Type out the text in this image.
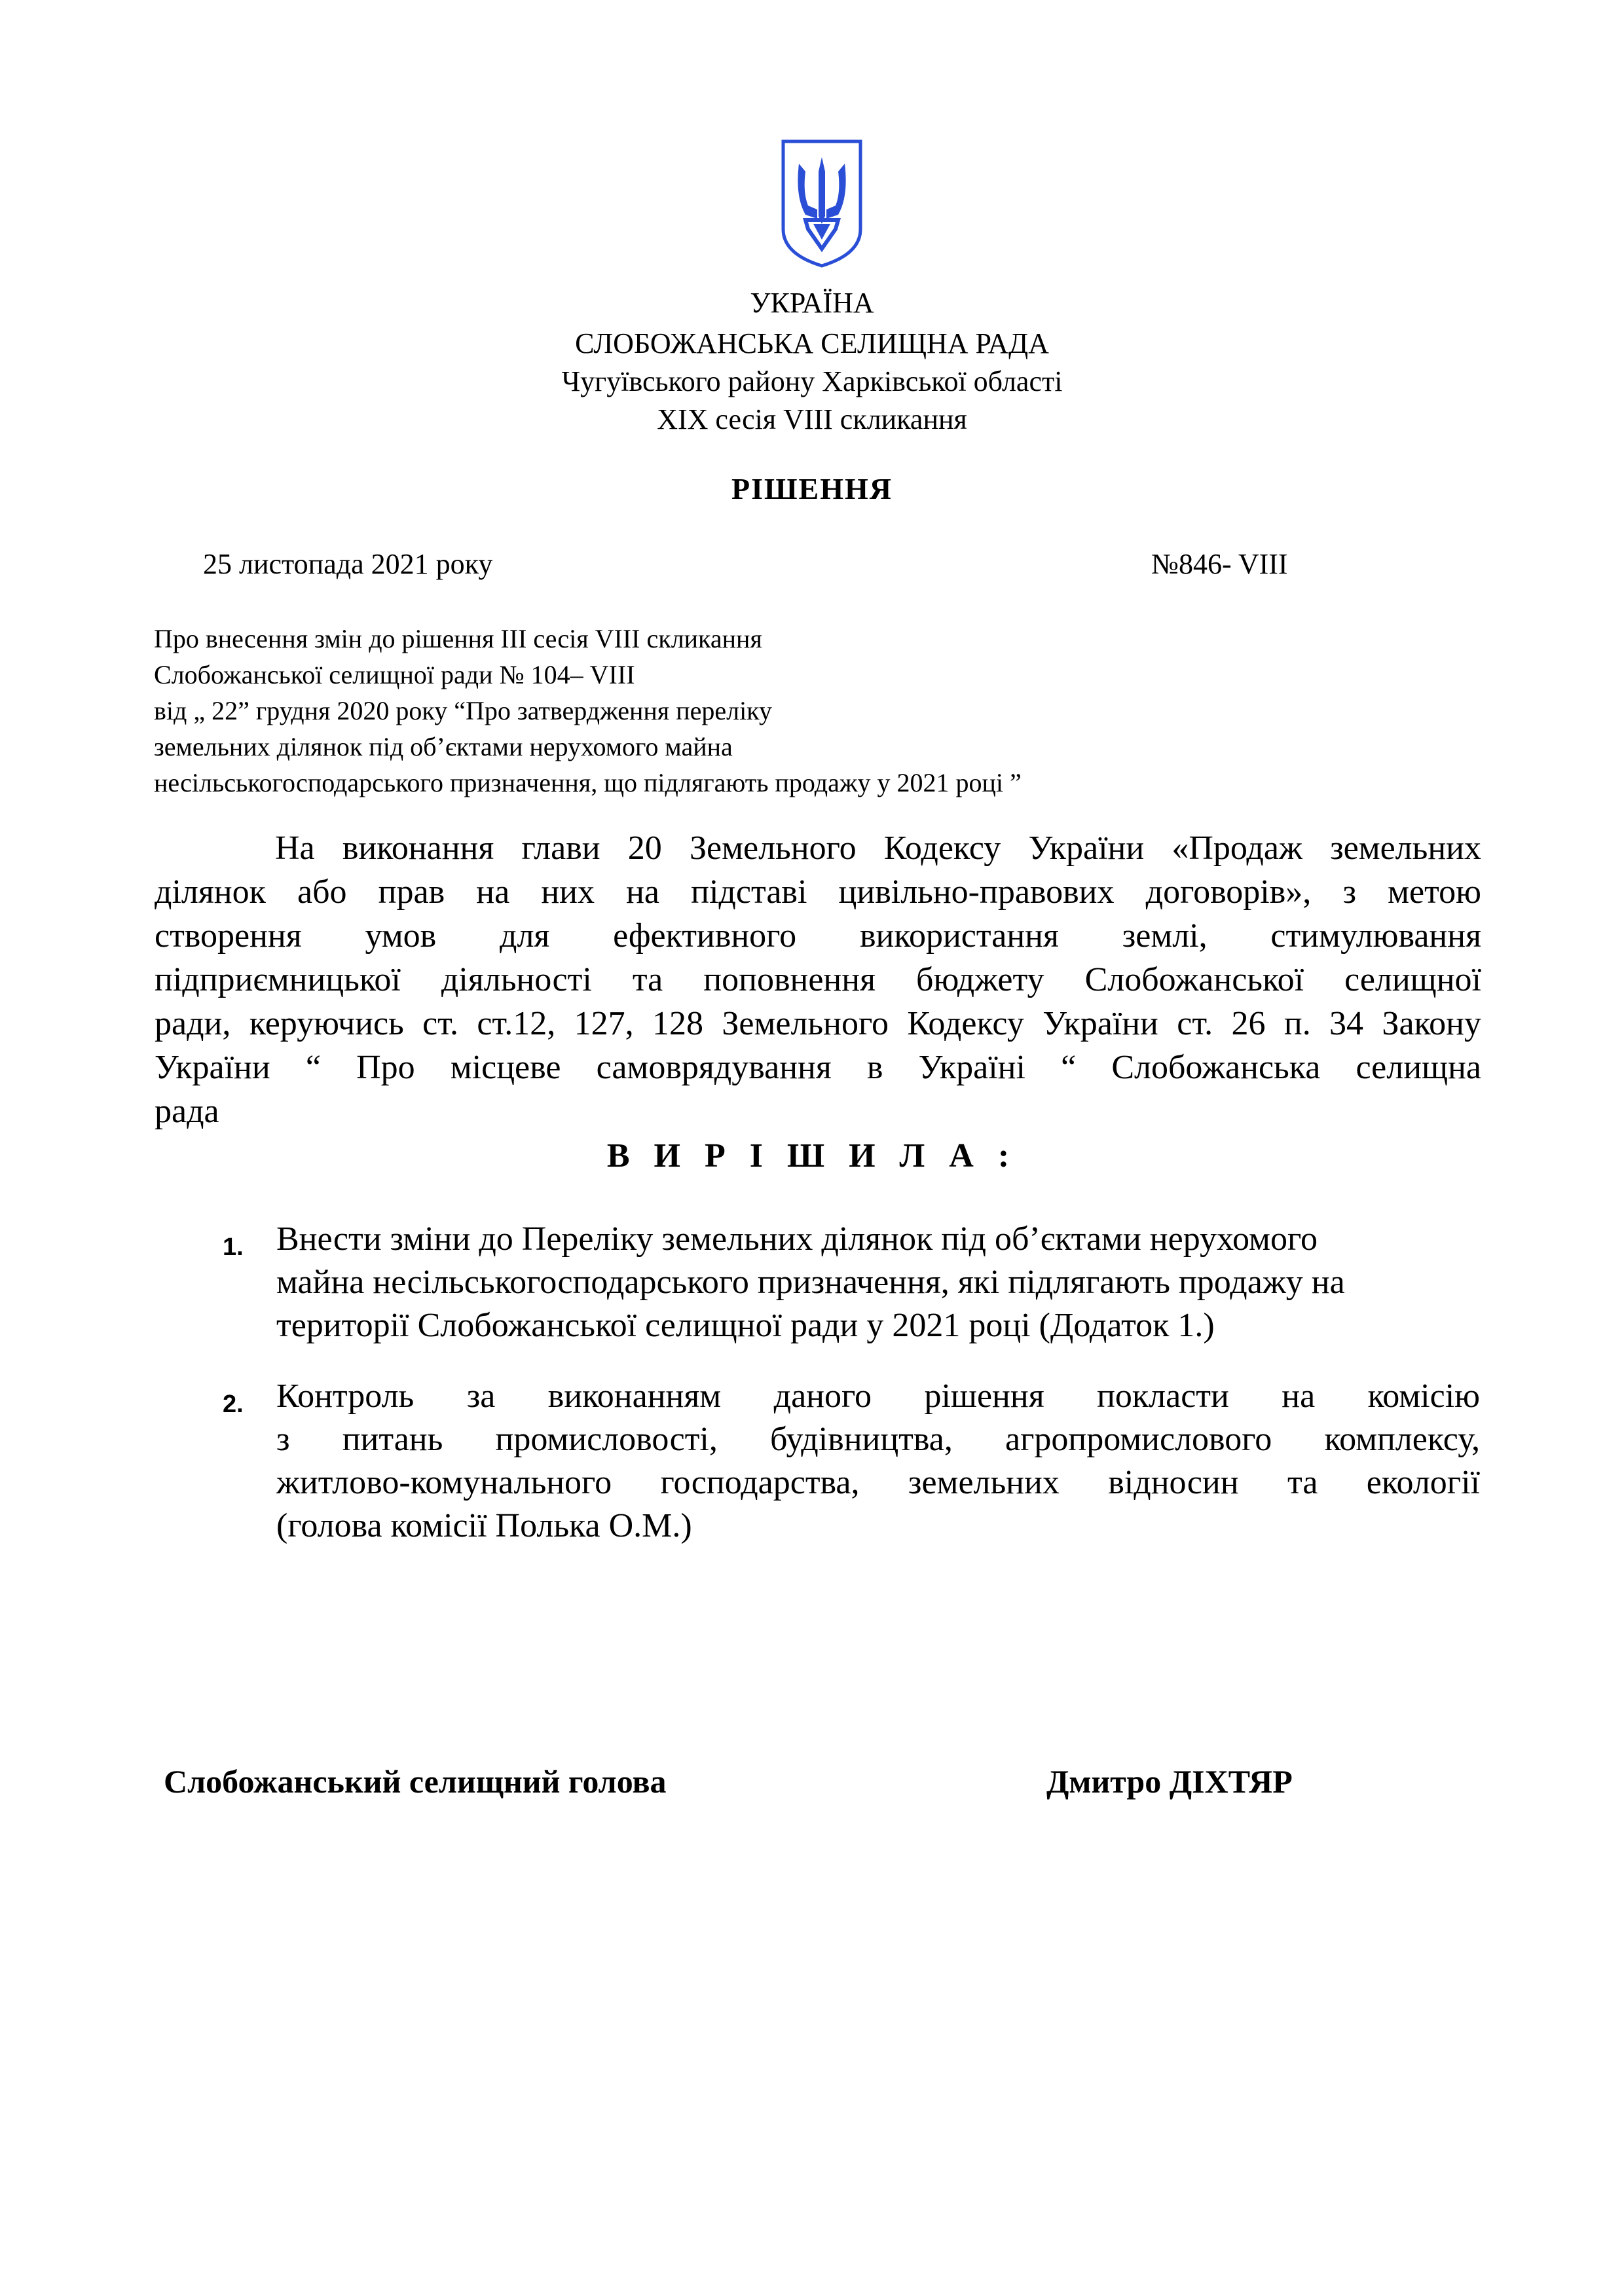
УКРАЇНА
СЛОБОЖАНСЬКА СЕЛИЩНА РАДА
Чугуївського району Харківської області
XIX сесія VIII скликання
РІШЕННЯ
25 листопада 2021 року	№846- VIII
Про внесення змін до рішення ІІІ сесія VІІІ скликання
Слобожанської селищної ради № 104– VІІІ
від „ 22” грудня 2020 року “Про затвердження переліку
земельних ділянок під об’єктами нерухомого майна
несільськогосподарського призначення, що підлягають продажу у 2021 році ”
На виконання глави 20 Земельного Кодексу України «Продаж земельних
ділянок або прав на них на підставі цивільно-правових договорів», з метою
створення умов для ефективного використання землі, стимулювання
підприємницької діяльності та поповнення бюджету Слобожанської селищної
ради, керуючись ст. ст.12, 127, 128 Земельного Кодексу України ст. 26 п. 34 Закону
України “ Про місцеве самоврядування в Україні “ Слобожанська селищна
рада
В И Р І Ш И Л А :
1. Внести зміни до Переліку земельних ділянок під об’єктами нерухомого
майна несільськогосподарського призначення, які підлягають продажу на
території Слобожанської селищної ради у 2021 році (Додаток 1.)
2. Контроль за виконанням даного рішення покласти на комісію
з питань промисловості, будівництва, агропромислового комплексу,
житлово-комунального господарства, земельних відносин та екології
(голова комісії Полька О.М.)
Слобожанський селищний голова	Дмитро ДІХТЯР
